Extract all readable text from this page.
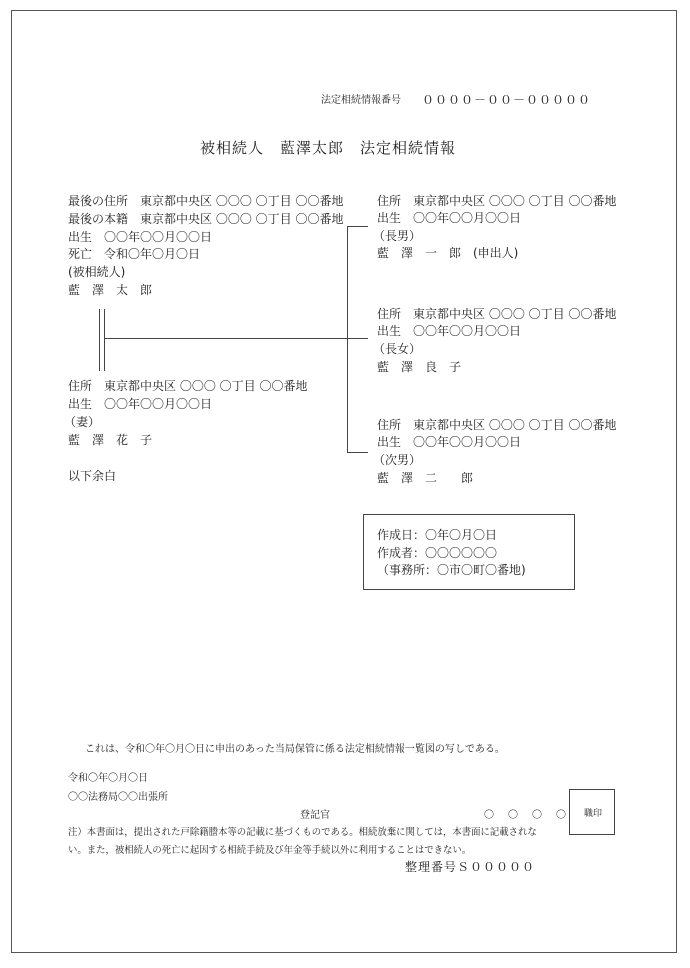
法定相続情報番号 ００００－００－０００００
被相続人　藍澤太郎　法定相続情報
最後の住所　東京都中央区 〇〇〇 〇丁目 〇〇番地
最後の本籍　東京都中央区 〇〇〇 〇丁目 〇〇番地
出生　〇〇年〇〇月〇〇日
死亡　令和〇年〇月〇日
(被相続人)
藍　澤　太　郎
住所　東京都中央区 〇〇〇 〇丁目 〇〇番地
出生　〇〇年〇〇月〇〇日
（妻）
藍　澤　花　子
以下余白
住所　東京都中央区 〇〇〇 〇丁目 〇〇番地
出生　〇〇年〇〇月〇〇日
（長男）
藍　澤　一　郎　(申出人)
住所　東京都中央区 〇〇〇 〇丁目 〇〇番地
出生　〇〇年〇〇月〇〇日
（長女）
藍　澤　良　子
住所　東京都中央区 〇〇〇 〇丁目 〇〇番地
出生　〇〇年〇〇月〇〇日
（次男）
藍　澤　二　　郎
作成日：〇年〇月〇日
作成者：〇〇〇〇〇〇
（事務所：〇市〇町〇番地)
これは、令和〇年〇月〇日に申出のあった当局保管に係る法定相続情報一覧図の写しである。
令和〇年〇月〇日
〇〇法務局〇〇出張所
登記官	〇　〇　〇　〇 職印
注）本書面は，提出された戸除籍謄本等の記載に基づくものである。相続放棄に関しては，本書面に記載されな
い。また，被相続人の死亡に起因する相続手続及び年金等手続以外に利用することはできない。
整理番号Ｓ０００００
